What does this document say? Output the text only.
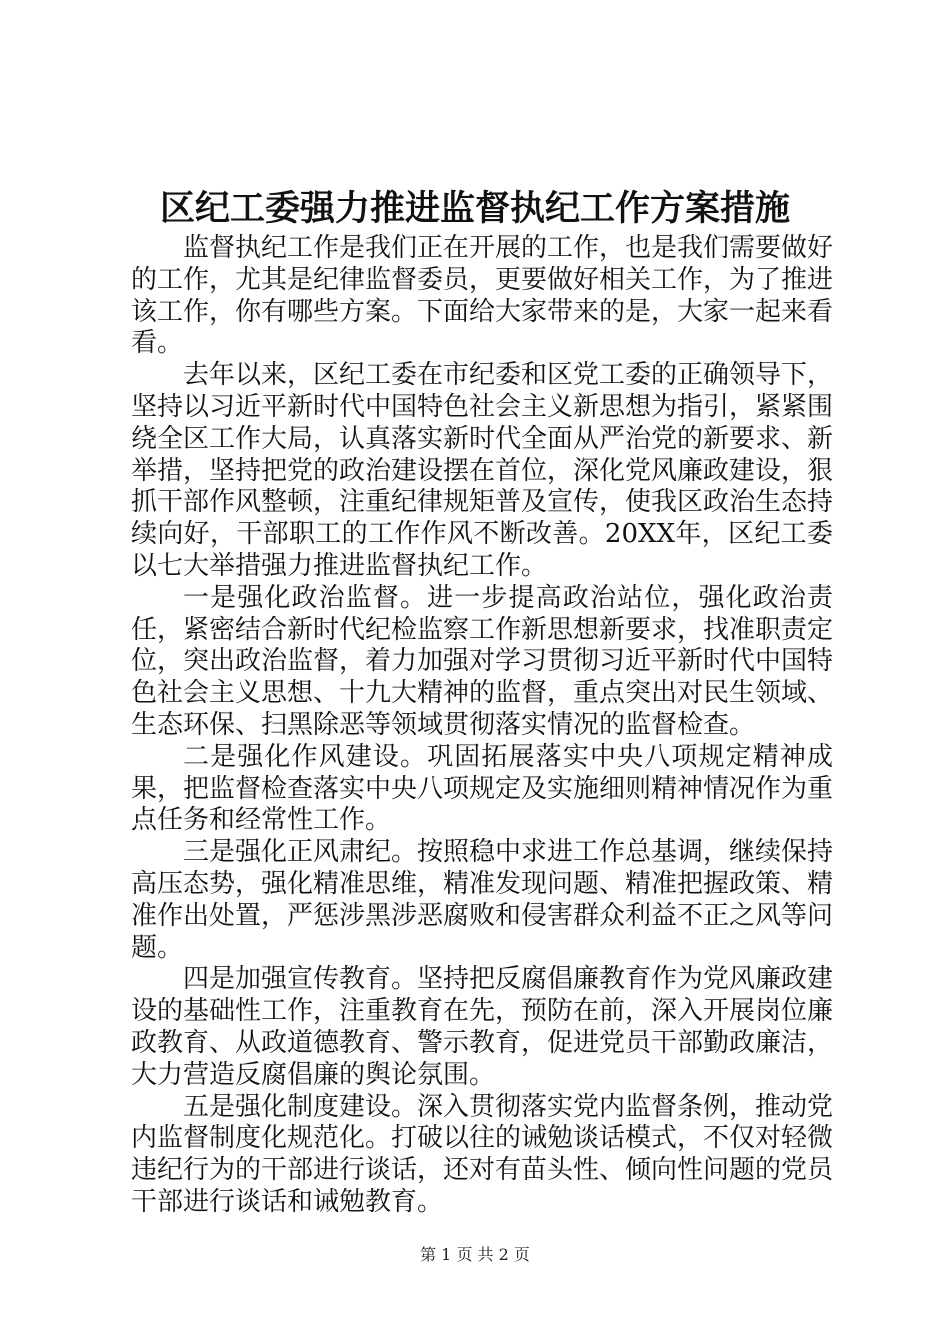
区纪工委强力推进监督执纪工作方案措施

监督执纪工作是我们正在开展的工作，也是我们需要做好的工作，尤其是纪律监督委员，更要做好相关工作，为了推进该工作，你有哪些方案。下面给大家带来的是，大家一起来看看。

去年以来，区纪工委在市纪委和区党工委的正确领导下，坚持以习近平新时代中国特色社会主义新思想为指引，紧紧围绕全区工作大局，认真落实新时代全面从严治党的新要求、新举措，坚持把党的政治建设摆在首位，深化党风廉政建设，狠抓干部作风整顿，注重纪律规矩普及宣传，使我区政治生态持续向好，干部职工的工作作风不断改善。20XX年，区纪工委以七大举措强力推进监督执纪工作。

一是强化政治监督。进一步提高政治站位，强化政治责任，紧密结合新时代纪检监察工作新思想新要求，找准职责定位，突出政治监督，着力加强对学习贯彻习近平新时代中国特色社会主义思想、十九大精神的监督，重点突出对民生领域、生态环保、扫黑除恶等领域贯彻落实情况的监督检查。

二是强化作风建设。巩固拓展落实中央八项规定精神成果，把监督检查落实中央八项规定及实施细则精神情况作为重点任务和经常性工作。

三是强化正风肃纪。按照稳中求进工作总基调，继续保持高压态势，强化精准思维，精准发现问题、精准把握政策、精准作出处置，严惩涉黑涉恶腐败和侵害群众利益不正之风等问题。

四是加强宣传教育。坚持把反腐倡廉教育作为党风廉政建设的基础性工作，注重教育在先，预防在前，深入开展岗位廉政教育、从政道德教育、警示教育，促进党员干部勤政廉洁，大力营造反腐倡廉的舆论氛围。

五是强化制度建设。深入贯彻落实党内监督条例，推动党内监督制度化规范化。打破以往的诫勉谈话模式，不仅对轻微违纪行为的干部进行谈话，还对有苗头性、倾向性问题的党员干部进行谈话和诫勉教育。

第 1 页 共 2 页
